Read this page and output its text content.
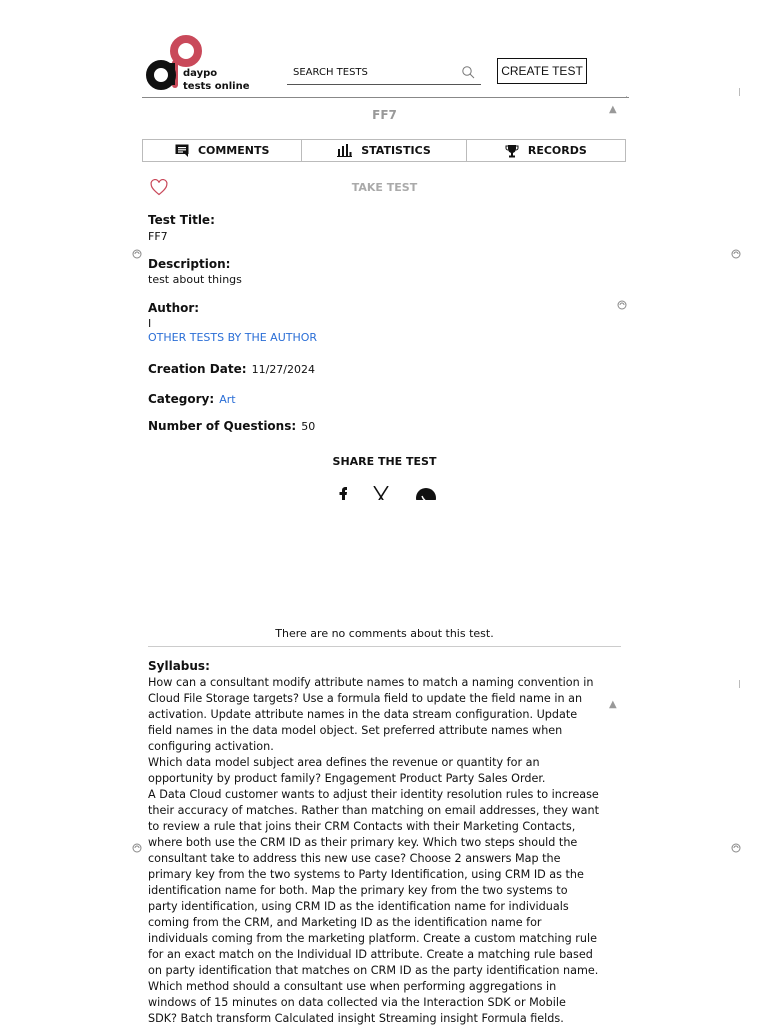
daypo
tests online
SEARCH TESTS
CREATE TEST
FF7	▲
COMMENTS	STATISTICS	RECORDS
TAKE TEST
Test Title:
FF7
Description:
test about things
Author:
I
OTHER TESTS BY THE AUTHOR
Creation Date: 11/27/2024
Category: Art
Number of Questions: 50
SHARE THE TEST
There are no comments about this test.
Syllabus:
How can a consultant modify attribute names to match a naming convention in
Cloud File Storage targets? Use a formula field to update the field name in an
activation. Update attribute names in the data stream configuration. Update
field names in the data model object. Set preferred attribute names when
configuring activation.
Which data model subject area defines the revenue or quantity for an
opportunity by product family? Engagement Product Party Sales Order.
A Data Cloud customer wants to adjust their identity resolution rules to increase
their accuracy of matches. Rather than matching on email addresses, they want
to review a rule that joins their CRM Contacts with their Marketing Contacts,
where both use the CRM ID as their primary key. Which two steps should the
consultant take to address this new use case? Choose 2 answers Map the
primary key from the two systems to Party Identification, using CRM ID as the
identification name for both. Map the primary key from the two systems to
party identification, using CRM ID as the identification name for individuals
coming from the CRM, and Marketing ID as the identification name for
individuals coming from the marketing platform. Create a custom matching rule
for an exact match on the Individual ID attribute. Create a matching rule based
on party identification that matches on CRM ID as the party identification name.
Which method should a consultant use when performing aggregations in
windows of 15 minutes on data collected via the Interaction SDK or Mobile
SDK? Batch transform Calculated insight Streaming insight Formula fields.
▲
